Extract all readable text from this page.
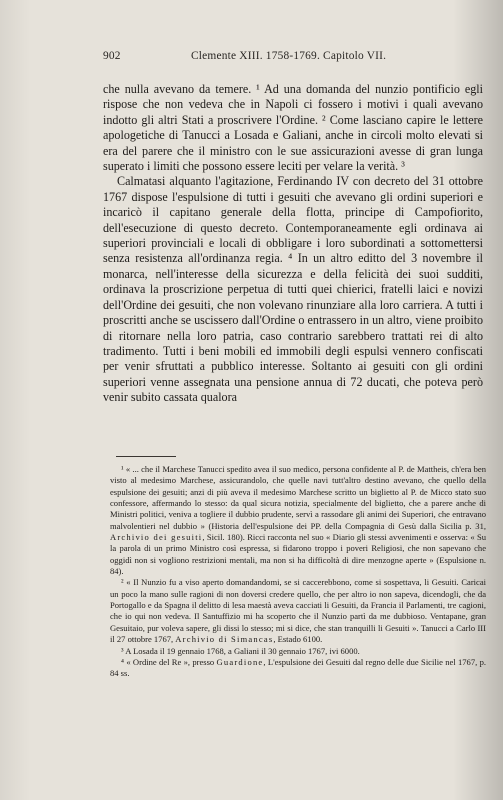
902	Clemente XIII. 1758-1769. Capitolo VII.

che nulla avevano da temere. ¹ Ad una domanda del nunzio pontificio egli rispose che non vedeva che in Napoli ci fossero i motivi i quali avevano indotto gli altri Stati a proscrivere l'Ordine. ² Come lasciano capire le lettere apologetiche di Tanucci a Losada e Galiani, anche in circoli molto elevati si era del parere che il ministro con le sue assicurazioni avesse di gran lunga superato i limiti che possono essere leciti per velare la verità. ³

Calmatasi alquanto l'agitazione, Ferdinando IV con decreto del 31 ottobre 1767 dispose l'espulsione di tutti i gesuiti che avevano gli ordini superiori e incaricò il capitano generale della flotta, principe di Campofiorito, dell'esecuzione di questo decreto. Contemporaneamente egli ordinava ai superiori provinciali e locali di obbligare i loro subordinati a sottomettersi senza resistenza all'ordinanza regia. ⁴ In un altro editto del 3 novembre il monarca, nell'interesse della sicurezza e della felicità dei suoi sudditi, ordinava la proscrizione perpetua di tutti quei chierici, fratelli laici e novizi dell'Ordine dei gesuiti, che non volevano rinunziare alla loro carriera. A tutti i proscritti anche se uscissero dall'Ordine o entrassero in un altro, viene proibito di ritornare nella loro patria, caso contrario sarebbero trattati rei di alto tradimento. Tutti i beni mobili ed immobili degli espulsi vennero confiscati per venir sfruttati a pubblico interesse. Soltanto ai gesuiti con gli ordini superiori venne assegnata una pensione annua di 72 ducati, che poteva però venir subito cassata qualora

¹ « ... che il Marchese Tanucci spedito avea il suo medico, persona confidente al P. de Mattheis, ch'era ben visto al medesimo Marchese, assicurandolo, che quelle navi tutt'altro destino avevano, che quello della espulsione dei gesuiti; anzi di più aveva il medesimo Marchese scritto un biglietto al P. de Micco stato suo confessore, affermando lo stesso: da qual sicura notizia, specialmente del biglietto, che a parere anche di Ministri politici, veniva a togliere il dubbio prudente, servì a rassodare gli animi dei Superiori, che entravano malvolentieri nel dubbio » (Historia dell'espulsione dei PP. della Compagnia di Gesù dalla Sicilia p. 31, Archivio dei gesuiti, Sicil. 180). Ricci racconta nel suo « Diario gli stessi avvenimenti e osserva: « Su la parola di un primo Ministro così espressa, si fidarono troppo i poveri Religiosi, che non sapevano che oggidì non si vogliono restrizioni mentali, ma non si ha difficoltà di dire menzogne aperte » (Espulsione n. 84).

² « Il Nunzio fu a viso aperto domandandomi, se si caccerebbono, come si sospettava, li Gesuiti. Caricai un poco la mano sulle ragioni di non doversi credere quello, che per altro io non sapeva, dicendogli, che da Portogallo e da Spagna il delitto di lesa maestà aveva cacciati li Gesuiti, da Francia il Parlamenti, tre cagioni, che io qui non vedeva. Il Santuffizio mi ha scoperto che il Nunzio partì da me dubbioso. Ventapane, gran Gesuitaio, pur voleva sapere, gli dissi lo stesso; mi si dice, che stan tranquilli li Gesuiti ». Tanucci a Carlo III il 27 ottobre 1767, Archivio di Simancas, Estado 6100.

³ A Losada il 19 gennaio 1768, a Galiani il 30 gennaio 1767, ivi 6000.

⁴ « Ordine del Re », presso Guardione, L'espulsione dei Gesuiti dal regno delle due Sicilie nel 1767, p. 84 ss.
